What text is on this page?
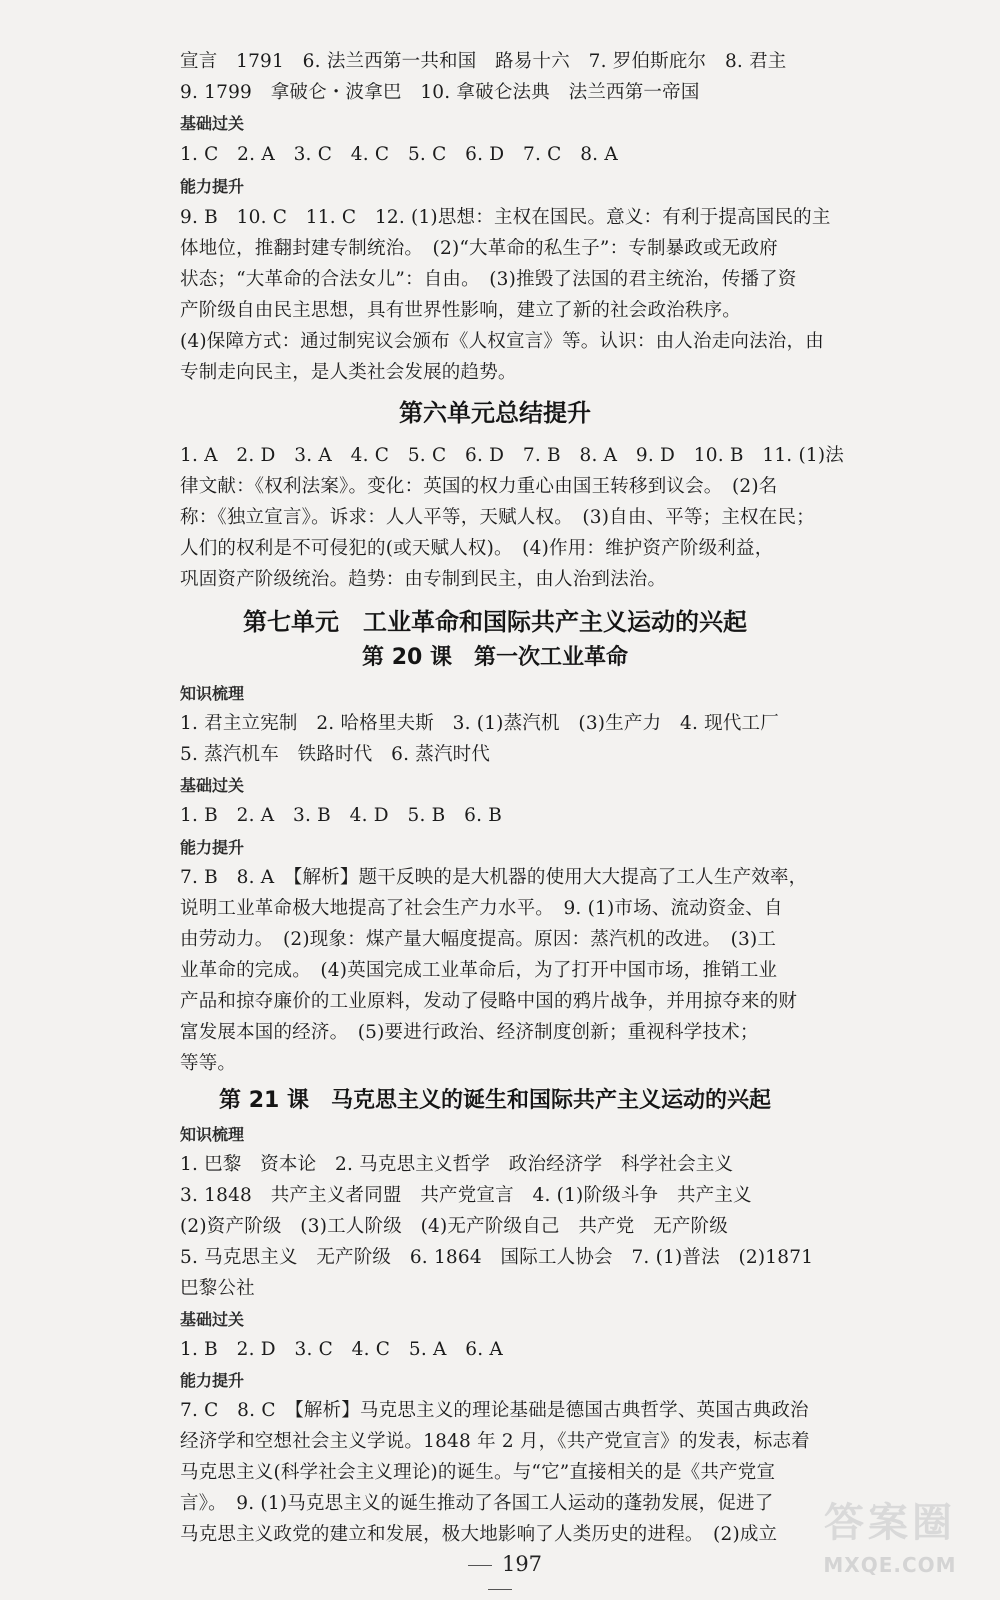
宣言　1791　6. 法兰西第一共和国　路易十六　7. 罗伯斯庇尔　8. 君主
9. 1799　拿破仑・波拿巴　10. 拿破仑法典　法兰西第一帝国
基础过关
1. C　2. A　3. C　4. C　5. C　6. D　7. C　8. A
能力提升
9. B　10. C　11. C　12. (1)思想：主权在国民。意义：有利于提高国民的主
体地位，推翻封建专制统治。　(2)“大革命的私生子”：专制暴政或无政府
状态；“大革命的合法女儿”：自由。　(3)推毁了法国的君主统治，传播了资
产阶级自由民主思想，具有世界性影响，建立了新的社会政治秩序。
(4)保障方式：通过制宪议会颁布《人权宣言》等。认识：由人治走向法治，由
专制走向民主，是人类社会发展的趋势。
第六单元总结提升
1. A　2. D　3. A　4. C　5. C　6. D　7. B　8. A　9. D　10. B　11. (1)法
律文献：《权利法案》。变化：英国的权力重心由国王转移到议会。　(2)名
称：《独立宣言》。诉求：人人平等，天赋人权。　(3)自由、平等；主权在民；
人们的权利是不可侵犯的(或天赋人权)。　(4)作用：维护资产阶级利益，
巩固资产阶级统治。趋势：由专制到民主，由人治到法治。
第七单元　工业革命和国际共产主义运动的兴起
第 20 课　第一次工业革命
知识梳理
1. 君主立宪制　2. 哈格里夫斯　3. (1)蒸汽机　(3)生产力　4. 现代工厂
5. 蒸汽机车　铁路时代　6. 蒸汽时代
基础过关
1. B　2. A　3. B　4. D　5. B　6. B
能力提升
7. B　8. A　【解析】题干反映的是大机器的使用大大提高了工人生产效率，
说明工业革命极大地提高了社会生产力水平。　9. (1)市场、流动资金、自
由劳动力。　(2)现象：煤产量大幅度提高。原因：蒸汽机的改进。　(3)工
业革命的完成。　(4)英国完成工业革命后，为了打开中国市场，推销工业
产品和掠夺廉价的工业原料，发动了侵略中国的鸦片战争，并用掠夺来的财
富发展本国的经济。　(5)要进行政治、经济制度创新；重视科学技术；
等等。
第 21 课　马克思主义的诞生和国际共产主义运动的兴起
知识梳理
1. 巴黎　资本论　2. 马克思主义哲学　政治经济学　科学社会主义
3. 1848　共产主义者同盟　共产党宣言　4. (1)阶级斗争　共产主义
(2)资产阶级　(3)工人阶级　(4)无产阶级自己　共产党　无产阶级
5. 马克思主义　无产阶级　6. 1864　国际工人协会　7. (1)普法　(2)1871
巴黎公社
基础过关
1. B　2. D　3. C　4. C　5. A　6. A
能力提升
7. C　8. C　【解析】马克思主义的理论基础是德国古典哲学、英国古典政治
经济学和空想社会主义学说。1848 年 2 月，《共产党宣言》的发表，标志着
马克思主义(科学社会主义理论)的诞生。与“它”直接相关的是《共产党宣
言》。　9. (1)马克思主义的诞生推动了各国工人运动的蓬勃发展，促进了
马克思主义政党的建立和发展，极大地影响了人类历史的进程。　(2)成立
197
答案圈
MXQE.COM
